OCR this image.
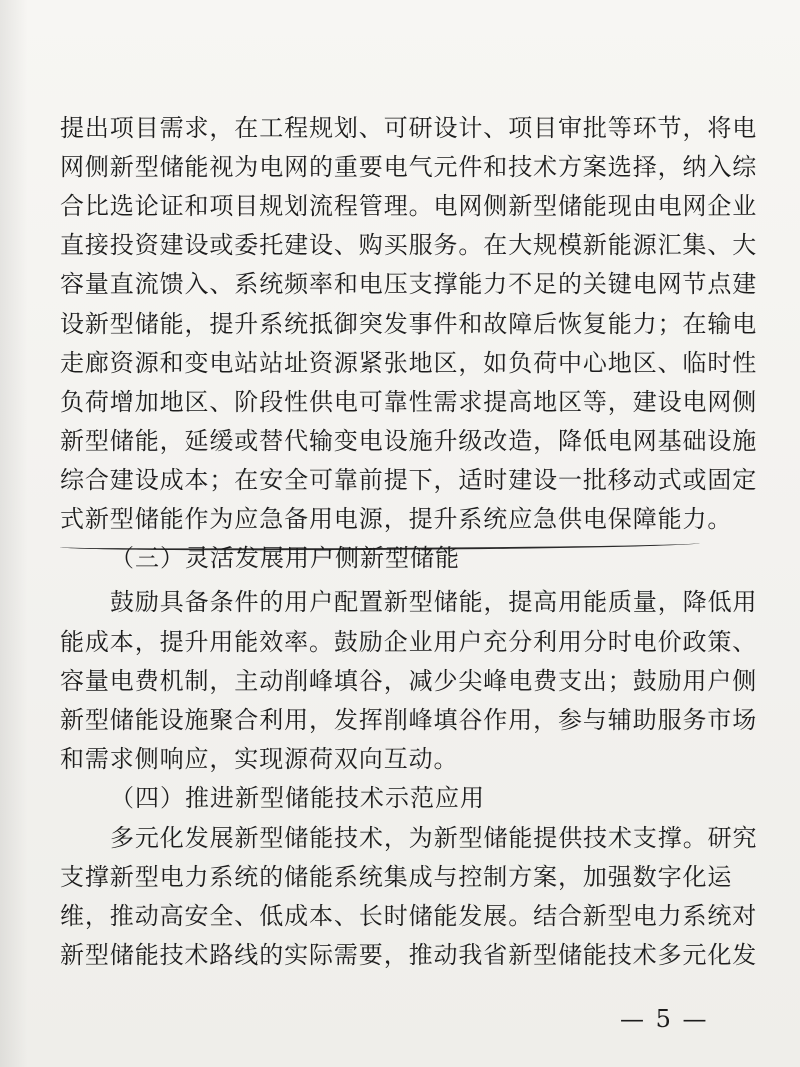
提出项目需求，在工程规划、可研设计、项目审批等环节，将电
网侧新型储能视为电网的重要电气元件和技术方案选择，纳入综
合比选论证和项目规划流程管理。电网侧新型储能现由电网企业
直接投资建设或委托建设、购买服务。在大规模新能源汇集、大
容量直流馈入、系统频率和电压支撑能力不足的关键电网节点建
设新型储能，提升系统抵御突发事件和故障后恢复能力；在输电
走廊资源和变电站站址资源紧张地区，如负荷中心地区、临时性
负荷增加地区、阶段性供电可靠性需求提高地区等，建设电网侧
新型储能，延缓或替代输变电设施升级改造，降低电网基础设施
综合建设成本；在安全可靠前提下，适时建设一批移动式或固定
式新型储能作为应急备用电源，提升系统应急供电保障能力。
（三）灵活发展用户侧新型储能
鼓励具备条件的用户配置新型储能，提高用能质量，降低用
能成本，提升用能效率。鼓励企业用户充分利用分时电价政策、
容量电费机制，主动削峰填谷，减少尖峰电费支出；鼓励用户侧
新型储能设施聚合利用，发挥削峰填谷作用，参与辅助服务市场
和需求侧响应，实现源荷双向互动。
（四）推进新型储能技术示范应用
多元化发展新型储能技术，为新型储能提供技术支撑。研究
支撑新型电力系统的储能系统集成与控制方案，加强数字化运
维，推动高安全、低成本、长时储能发展。结合新型电力系统对
新型储能技术路线的实际需要，推动我省新型储能技术多元化发
— 5 —
